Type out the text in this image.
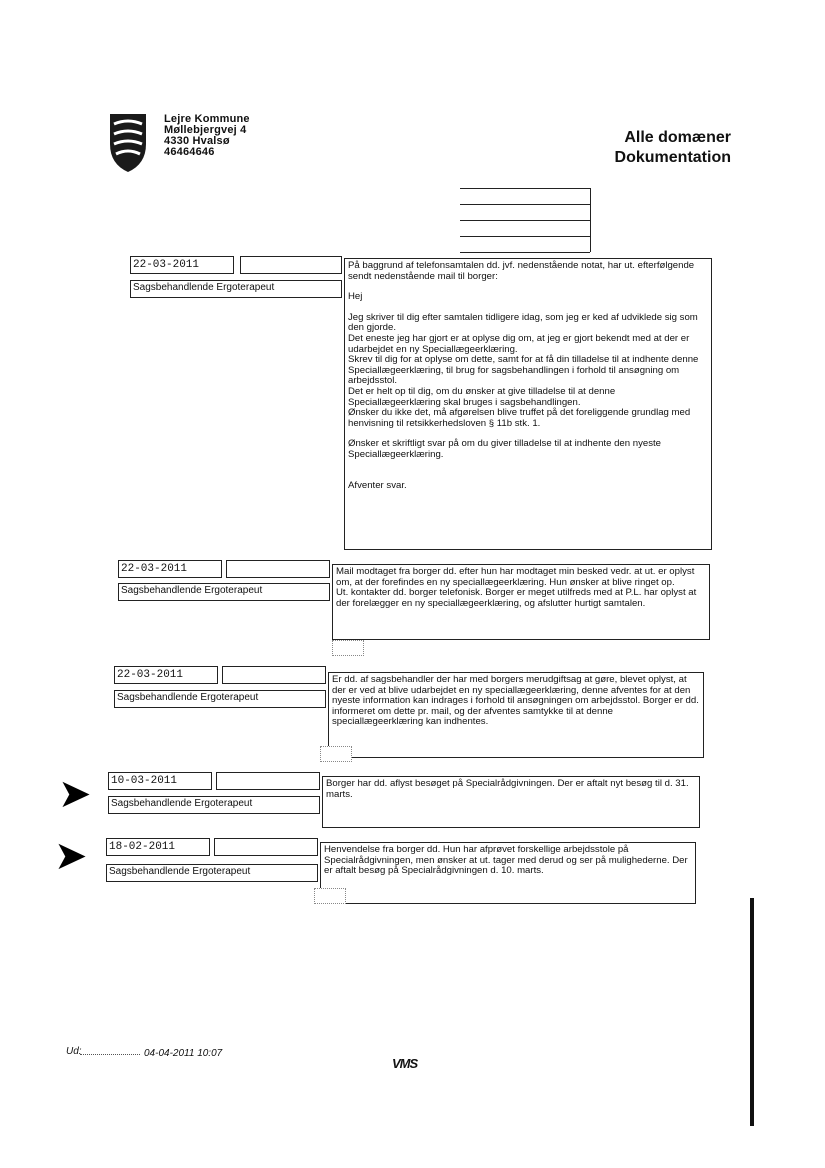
Lejre Kommune
Møllebjergvej 4
4330 Hvalsø
46464646
Alle domæner
Dokumentation
22-03-2011
Sagsbehandlende Ergoterapeut

På baggrund af telefonsamtalen dd. jvf. nedenstående notat, har ut. efterfølgende sendt nedenstående mail til borger:

Hej

Jeg skriver til dig efter samtalen tidligere idag, som jeg er ked af udviklede sig som den gjorde.

Det eneste jeg har gjort er at oplyse dig om, at jeg er gjort bekendt med at der er udarbejdet en ny Speciallægeerklæring.

Skrev til dig for at oplyse om dette, samt for at få din tilladelse til at indhente denne Speciallægeerklæring, til brug for sagsbehandlingen i forhold til ansøgning om arbejdsstol.

Det er helt op til dig, om du ønsker at give tilladelse til at denne Speciallægeerklæring skal bruges i sagsbehandlingen.

Ønsker du ikke det, må afgørelsen blive truffet på det foreliggende grundlag med henvisning til retsikkerhedsloven § 11b stk. 1.

Ønsker et skriftligt svar på om du giver tilladelse til at indhente den nyeste Speciallægeerklæring.

Afventer svar.

22-03-2011
Sagsbehandlende Ergoterapeut

Mail modtaget fra borger dd. efter hun har modtaget min besked vedr. at ut. er oplyst om, at der forefindes en ny speciallægeerklæring. Hun ønsker at blive ringet op.

Ut. kontakter dd. borger telefonisk. Borger er meget utilfreds med at P.L. har oplyst at der forelægger en ny speciallægeerklæring, og afslutter hurtigt samtalen.

22-03-2011
Sagsbehandlende Ergoterapeut

Er dd. af sagsbehandler der har med borgers merudgiftsag at gøre, blevet oplyst, at der er ved at blive udarbejdet en ny speciallægeerklæring, denne afventes for at den nyeste information kan indrages i forhold til ansøgningen om arbejdsstol. Borger er dd. informeret om dette pr. mail, og der afventes samtykke til at denne speciallægeerklæring kan indhentes.

➤ 10-03-2011
Sagsbehandlende Ergoterapeut

Borger har dd. aflyst besøget på Specialrådgivningen. Der er aftalt nyt besøg til d. 31. marts.

➤ 18-02-2011
Sagsbehandlende Ergoterapeut

Henvendelse fra borger dd. Hun har afprøvet forskellige arbejdsstole på Specialrådgivningen, men ønsker at ut. tager med derud og ser på mulighederne. Der er aftalt besøg på Specialrådgivningen d. 10. marts.

Ud:	04-04-2011 10:07
VMS
